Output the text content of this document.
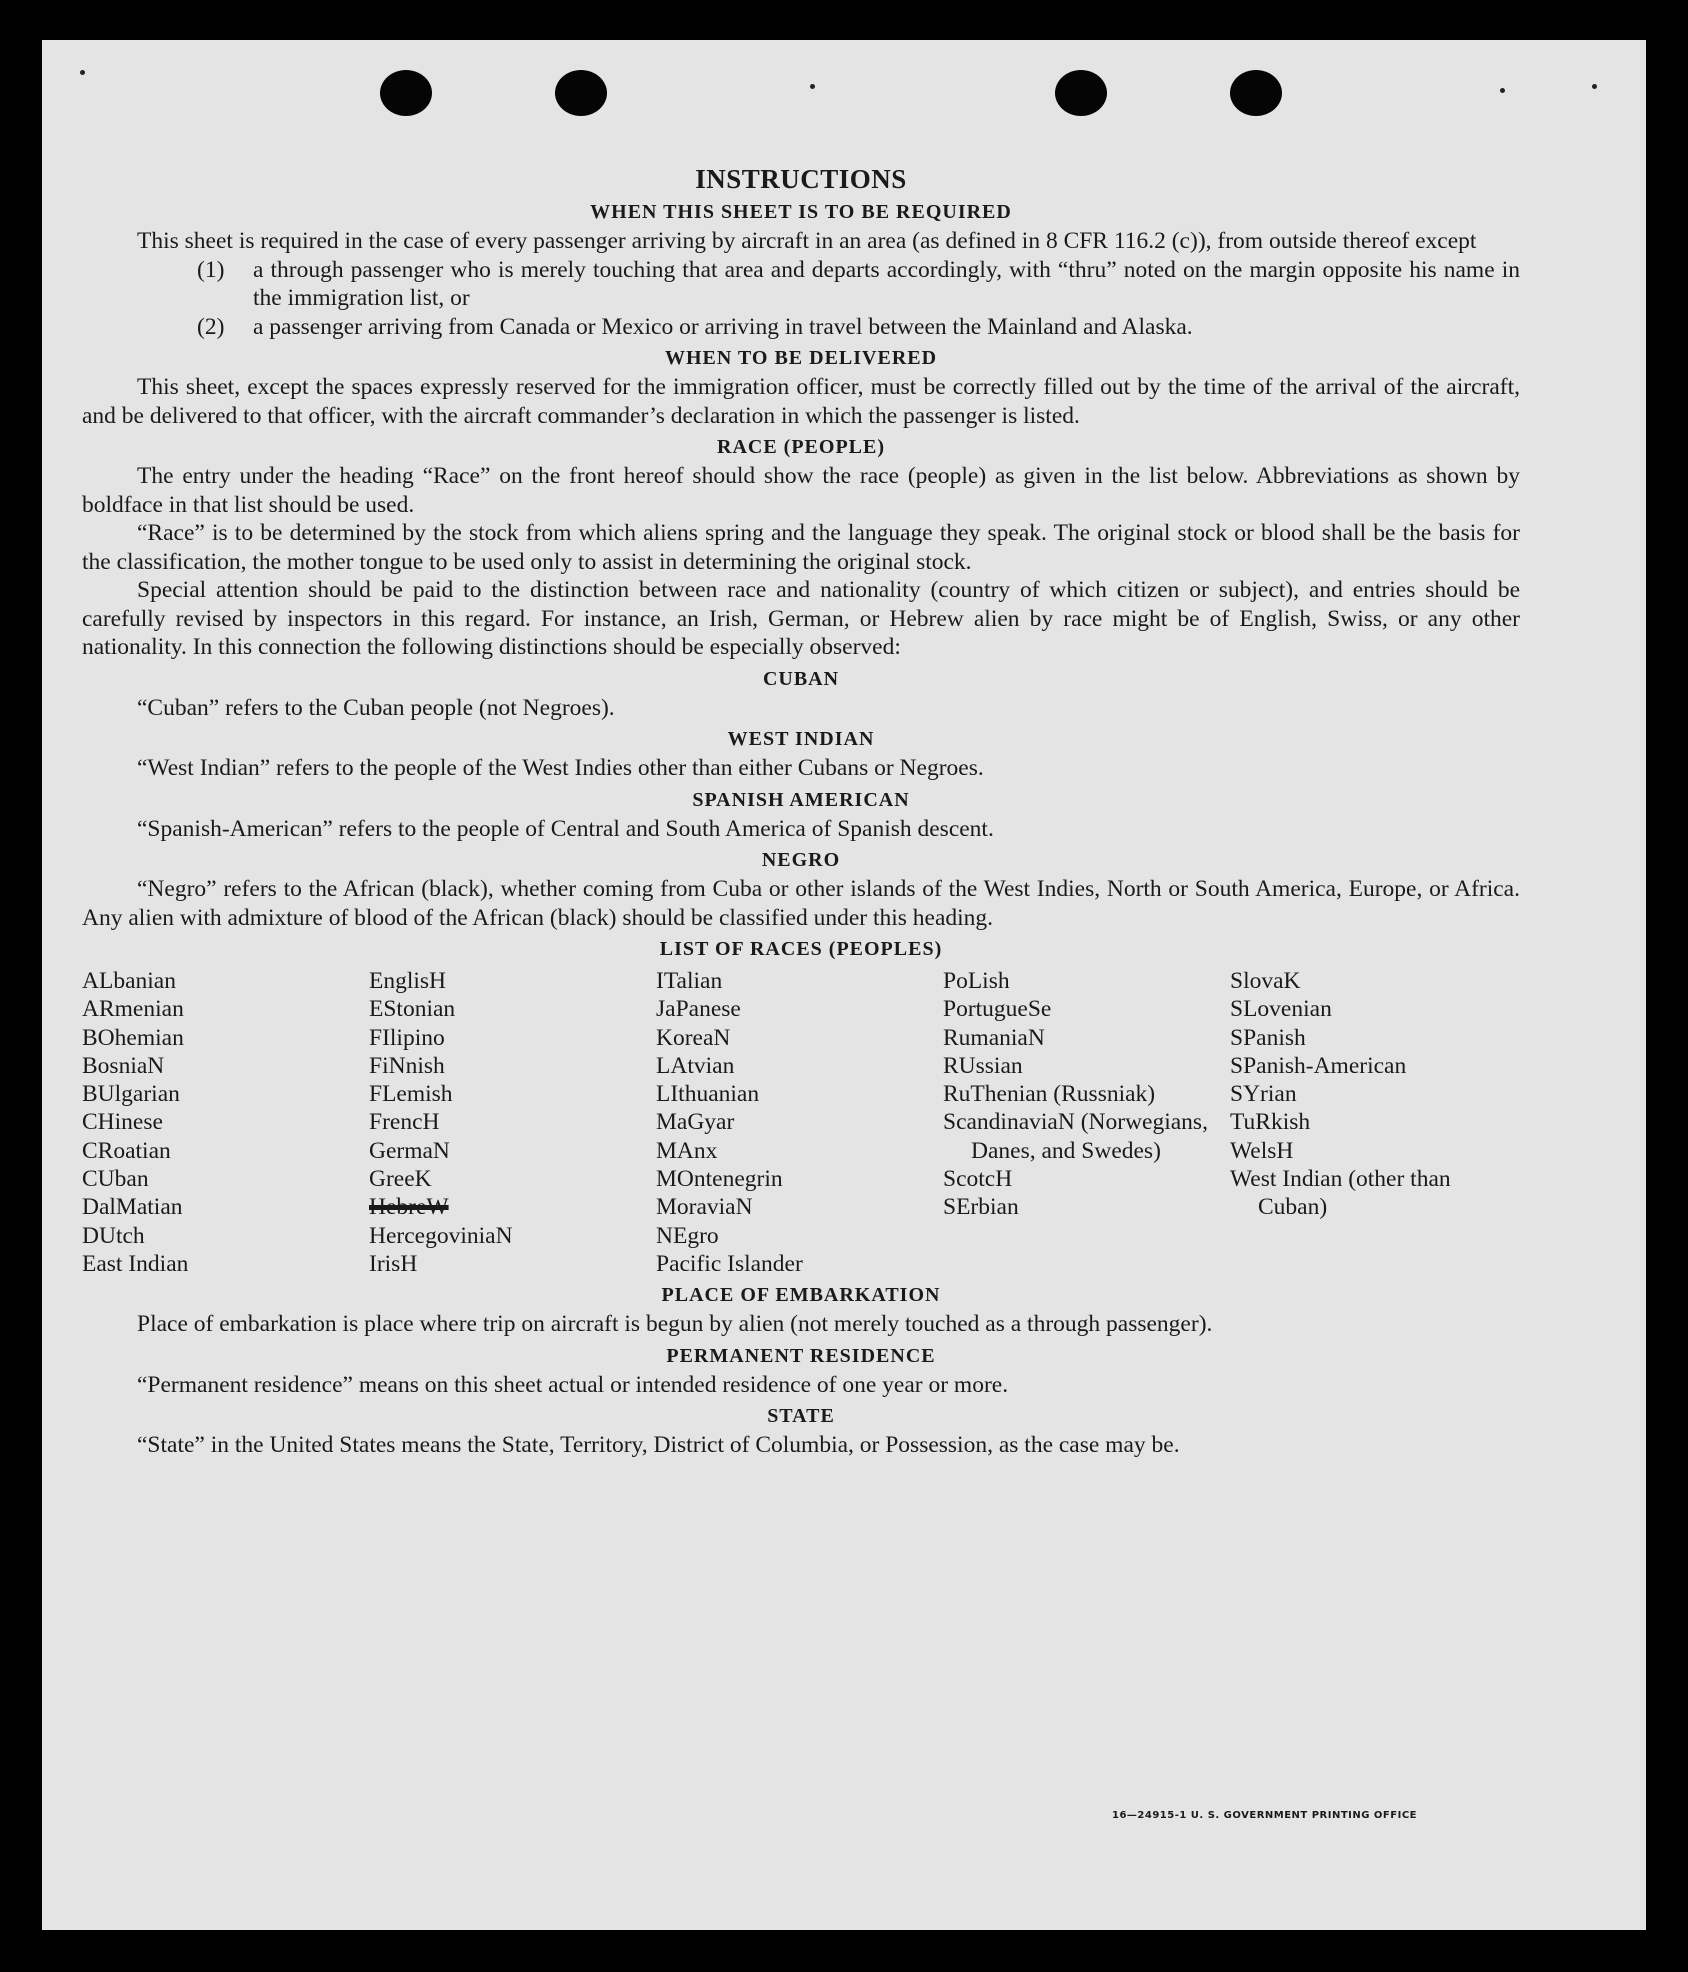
INSTRUCTIONS
WHEN THIS SHEET IS TO BE REQUIRED

This sheet is required in the case of every passenger arriving by aircraft in an area (as defined in 8 CFR 116.2 (c)), from outside thereof except

(1)	a through passenger who is merely touching that area and departs accordingly, with “thru” noted on the margin opposite his name in the immigration list, or
(2)	a passenger arriving from Canada or Mexico or arriving in travel between the Mainland and Alaska.
WHEN TO BE DELIVERED

This sheet, except the spaces expressly reserved for the immigration officer, must be correctly filled out by the time of the arrival of the aircraft, and be delivered to that officer, with the aircraft commander’s declaration in which the passenger is listed.

RACE (PEOPLE)

The entry under the heading “Race” on the front hereof should show the race (people) as given in the list below. Abbreviations as shown by boldface in that list should be used.

“Race” is to be determined by the stock from which aliens spring and the language they speak. The original stock or blood shall be the basis for the classification, the mother tongue to be used only to assist in determining the original stock.

Special attention should be paid to the distinction between race and nationality (country of which citizen or subject), and entries should be carefully revised by inspectors in this regard. For instance, an Irish, German, or Hebrew alien by race might be of English, Swiss, or any other nationality. In this connection the following distinctions should be especially observed:

CUBAN

“Cuban” refers to the Cuban people (not Negroes).

WEST INDIAN

“West Indian” refers to the people of the West Indies other than either Cubans or Negroes.

SPANISH AMERICAN

“Spanish-American” refers to the people of Central and South America of Spanish descent.

NEGRO

“Negro” refers to the African (black), whether coming from Cuba or other islands of the West Indies, North or South America, Europe, or Africa. Any alien with admixture of blood of the African (black) should be classified under this heading.

LIST OF RACES (PEOPLES)
ALbanian
ARmenian
BOhemian
BosniaN
BUlgarian
CHinese
CRoatian
CUban
DalMatian
DUtch
East Indian
EnglisH
EStonian
FIlipino
FiNnish
FLemish
FrencH
GermaN
GreeK
HebreW
HercegoviniaN
IrisH
ITalian
JaPanese
KoreaN
LAtvian
LIthuanian
MaGyar
MAnx
MOntenegrin
MoraviaN
NEgro
Pacific Islander
PoLish
PortugueSe
RumaniaN
RUssian
RuThenian (Russniak)
ScandinaviaN (Norwegians, Danes, and Swedes)
ScotcH
SErbian
SlovaK
SLovenian
SPanish
SPanish-American
SYrian
TuRkish
WelsH
West Indian (other than Cuban)
PLACE OF EMBARKATION

Place of embarkation is place where trip on aircraft is begun by alien (not merely touched as a through passenger).

PERMANENT RESIDENCE

“Permanent residence” means on this sheet actual or intended residence of one year or more.

STATE

“State” in the United States means the State, Territory, District of Columbia, or Possession, as the case may be.

16—24915-1 U. S. GOVERNMENT PRINTING OFFICE
